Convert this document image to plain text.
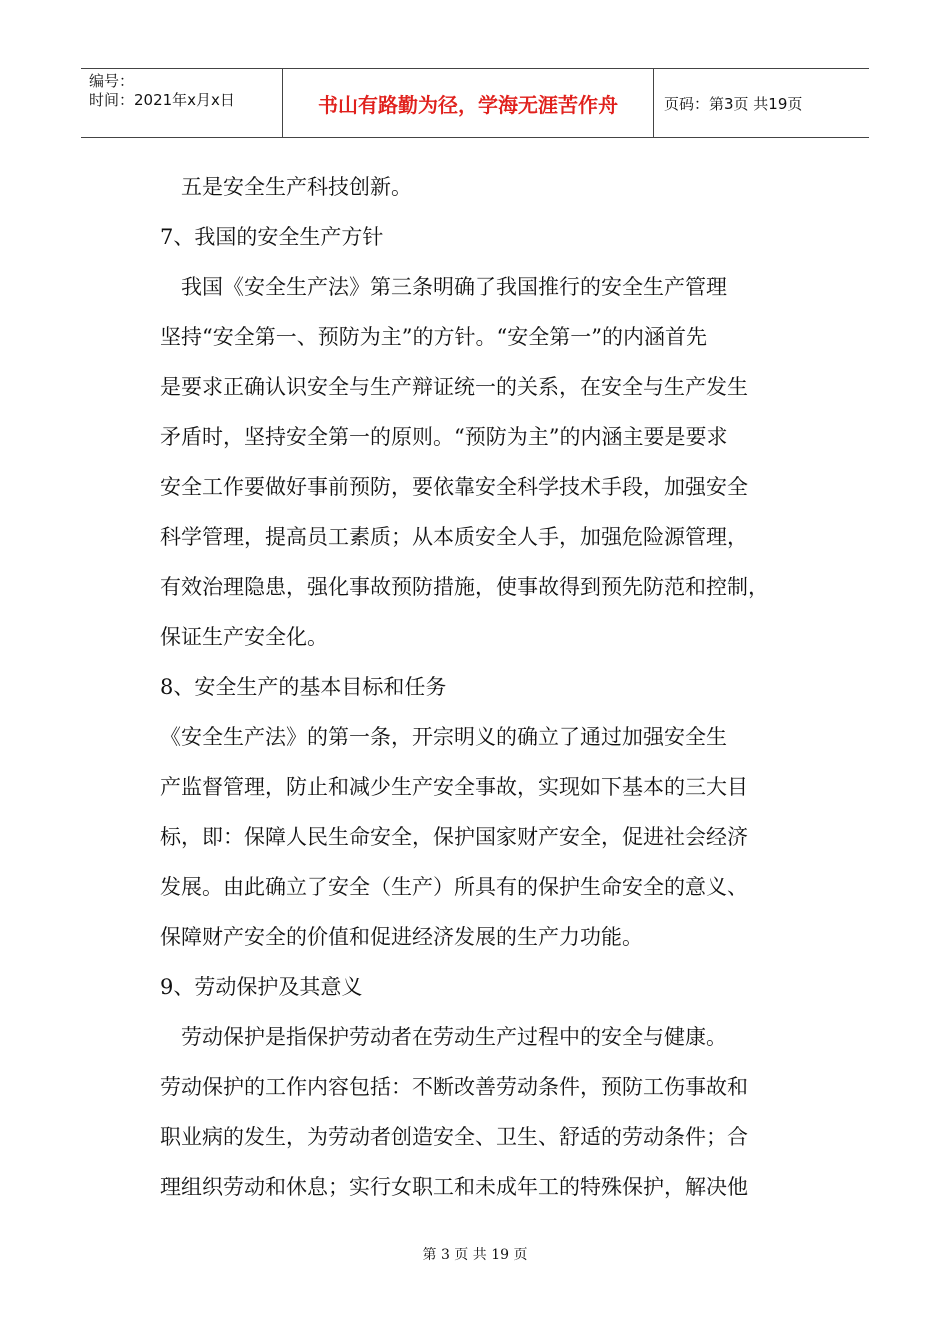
编号：
时间：2021年x月x日	书山有路勤为径，学海无涯苦作舟	页码：第3页 共19页

　五是安全生产科技创新。

7、我国的安全生产方针

　我国《安全生产法》第三条明确了我国推行的安全生产管理

坚持“安全第一、预防为主”的方针。“安全第一”的内涵首先

是要求正确认识安全与生产辩证统一的关系，在安全与生产发生

矛盾时，坚持安全第一的原则。“预防为主”的内涵主要是要求

安全工作要做好事前预防，要依靠安全科学技术手段，加强安全

科学管理，提高员工素质；从本质安全人手，加强危险源管理，

有效治理隐患，强化事故预防措施，使事故得到预先防范和控制，

保证生产安全化。

8、安全生产的基本目标和任务

《安全生产法》的第一条，开宗明义的确立了通过加强安全生

产监督管理，防止和减少生产安全事故，实现如下基本的三大目

标，即：保障人民生命安全，保护国家财产安全，促进社会经济

发展。由此确立了安全（生产）所具有的保护生命安全的意义、

保障财产安全的价值和促进经济发展的生产力功能。

9、劳动保护及其意义

　劳动保护是指保护劳动者在劳动生产过程中的安全与健康。

劳动保护的工作内容包括：不断改善劳动条件，预防工伤事故和

职业病的发生，为劳动者创造安全、卫生、舒适的劳动条件；合

理组织劳动和休息；实行女职工和未成年工的特殊保护，解决他

第 3 页 共 19 页
